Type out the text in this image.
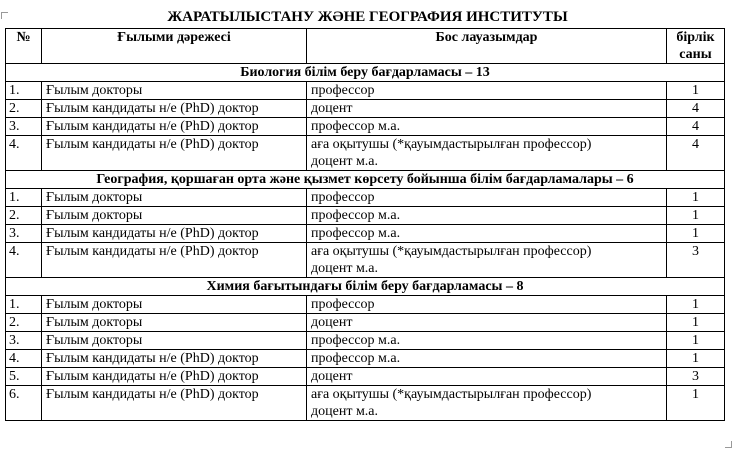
ЖАРАТЫЛЫСТАНУ ЖӘНЕ ГЕОГРАФИЯ ИНСТИТУТЫ
№	Ғылыми дәрежесі	Бос лауазымдар	бірлік
саны

Биология білім беру бағдарламасы – 13			
1.	Ғылым докторы	профессор	1
2.	Ғылым кандидаты н/е (PhD) доктор	доцент	4
3.	Ғылым кандидаты н/е (PhD) доктор	профессор м.а.	4
4.	Ғылым кандидаты н/е (PhD) доктор	аға оқытушы (*қауымдастырылған профессор)
доцент м.а.	4
География, қоршаған орта және қызмет көрсету бойынша білім бағдарламалары – 6			
1.	Ғылым докторы	профессор	1
2.	Ғылым докторы	профессор м.а.	1
3.	Ғылым кандидаты н/е (PhD) доктор	профессор м.а.	1
4.	Ғылым кандидаты н/е (PhD) доктор	аға оқытушы (*қауымдастырылған профессор)
доцент м.а.	3
Химия бағытындағы білім беру бағдарламасы – 8			
1.	Ғылым докторы	профессор	1
2.	Ғылым докторы	доцент	1
3.	Ғылым докторы	профессор м.а.	1
4.	Ғылым кандидаты н/е (PhD) доктор	профессор м.а.	1
5.	Ғылым кандидаты н/е (PhD) доктор	доцент	3
6.	Ғылым кандидаты н/е (PhD) доктор	аға оқытушы (*қауымдастырылған профессор)
доцент м.а.	1
